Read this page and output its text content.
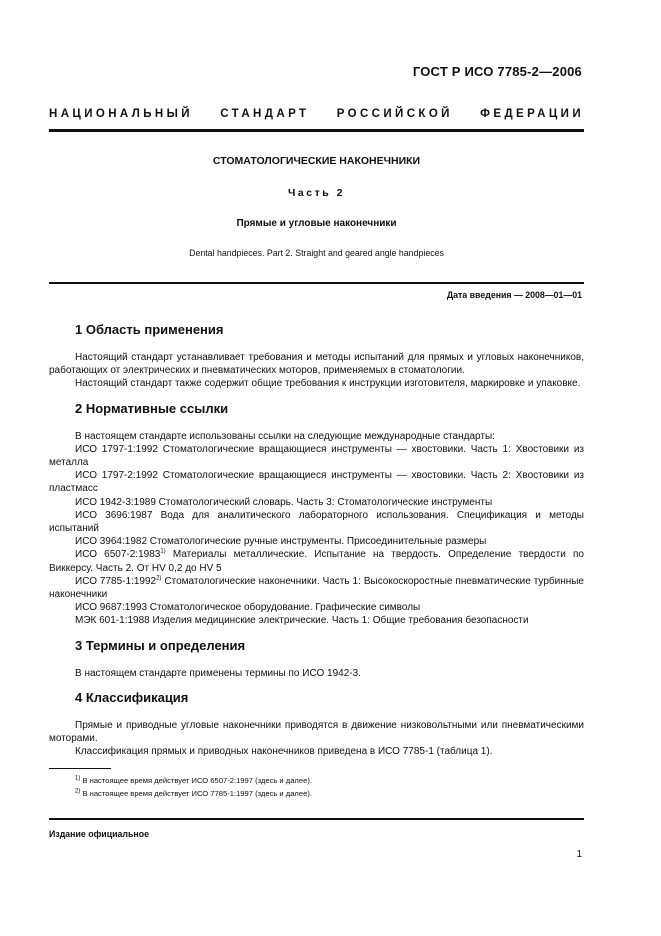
ГОСТ Р ИСО 7785-2—2006
НАЦИОНАЛЬНЫЙ СТАНДАРТ РОССИЙСКОЙ ФЕДЕРАЦИИ
СТОМАТОЛОГИЧЕСКИЕ НАКОНЕЧНИКИ
Часть 2
Прямые и угловые наконечники
Dental handpieces. Part 2. Straight and geared angle handpieces
Дата введения — 2008—01—01
1 Область применения

Настоящий стандарт устанавливает требования и методы испытаний для прямых и угловых наконечников, работающих от электрических и пневматических моторов, применяемых в стоматологии.

Настоящий стандарт также содержит общие требования к инструкции изготовителя, маркировке и упаковке.

2 Нормативные ссылки

В настоящем стандарте использованы ссылки на следующие международные стандарты:

ИСО 1797-1:1992 Стоматологические вращающиеся инструменты — хвостовики. Часть 1: Хвостовики из металла

ИСО 1797-2:1992 Стоматологические вращающиеся инструменты — хвостовики. Часть 2: Хвостовики из пластмасс

ИСО 1942-3:1989 Стоматологический словарь. Часть 3: Стоматологические инструменты

ИСО 3696:1987 Вода для аналитического лабораторного использования. Спецификация и методы испытаний

ИСО 3964:1982 Стоматологические ручные инструменты. Присоединительные размеры

ИСО 6507-2:1983$^{1)}$ Материалы металлические. Испытание на твердость. Определение твердости по Виккерсу. Часть 2. От HV 0,2 до HV 5

ИСО 7785-1:1992$^{2)}$ Стоматологические наконечники. Часть 1: Высокоскоростные пневматические турбинные наконечники

ИСО 9687:1993 Стоматологическое оборудование. Графические символы

МЭК 601-1:1988 Изделия медицинские электрические. Часть 1: Общие требования безопасности

3 Термины и определения

В настоящем стандарте применены термины по ИСО 1942-3.

4 Классификация

Прямые и приводные угловые наконечники приводятся в движение низковольтными или пневматическими моторами.

Классификация прямых и приводных наконечников приведена в ИСО 7785-1 (таблица 1).

$^{1)}$ В настоящее время действует ИСО 6507-2:1997 (здесь и далее).
$^{2)}$ В настоящее время действует ИСО 7785-1:1997 (здесь и далее).
Издание официальное
1
